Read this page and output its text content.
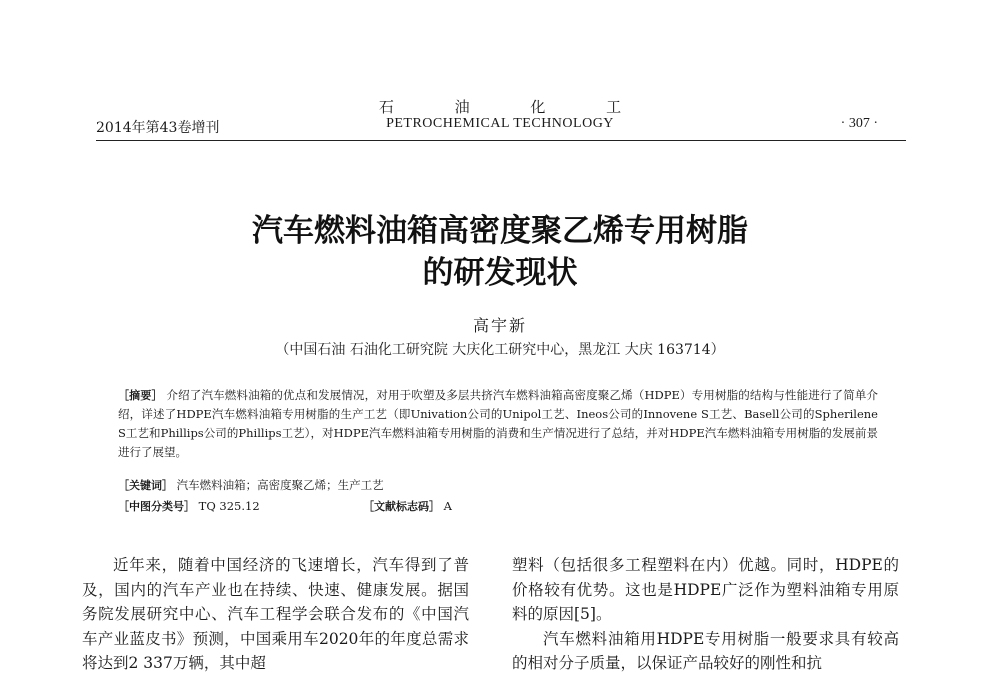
石 油 化 工
PETROCHEMICAL TECHNOLOGY
2014年第43卷增刊	· 307 ·
汽车燃料油箱高密度聚乙烯专用树脂
的研发现状
高宇新
（中国石油 石油化工研究院 大庆化工研究中心，黑龙江 大庆 163714）
［摘要］ 介绍了汽车燃料油箱的优点和发展情况，对用于吹塑及多层共挤汽车燃料油箱高密度聚乙烯（HDPE）专用树脂的结构与性能进行了简单介绍，详述了HDPE汽车燃料油箱专用树脂的生产工艺（即Univation公司的Unipol工艺、Ineos公司的Innovene S工艺、Basell公司的Spherilene S工艺和Phillips公司的Phillips工艺），对HDPE汽车燃料油箱专用树脂的消费和生产情况进行了总结，并对HDPE汽车燃料油箱专用树脂的发展前景进行了展望。
［关键词］ 汽车燃料油箱；高密度聚乙烯；生产工艺
［中图分类号］ TQ 325.12	［文献标志码］ A

近年来，随着中国经济的飞速增长，汽车得到了普及，国内的汽车产业也在持续、快速、健康发展。据国务院发展研究中心、汽车工程学会联合发布的《中国汽车产业蓝皮书》预测，中国乘用车2020年的年度总需求将达到2 337万辆，其中超

塑料（包括很多工程塑料在内）优越。同时，HDPE的价格较有优势。这也是HDPE广泛作为塑料油箱专用原料的原因[5]。

汽车燃料油箱用HDPE专用树脂一般要求具有较高的相对分子质量，以保证产品较好的刚性和抗
